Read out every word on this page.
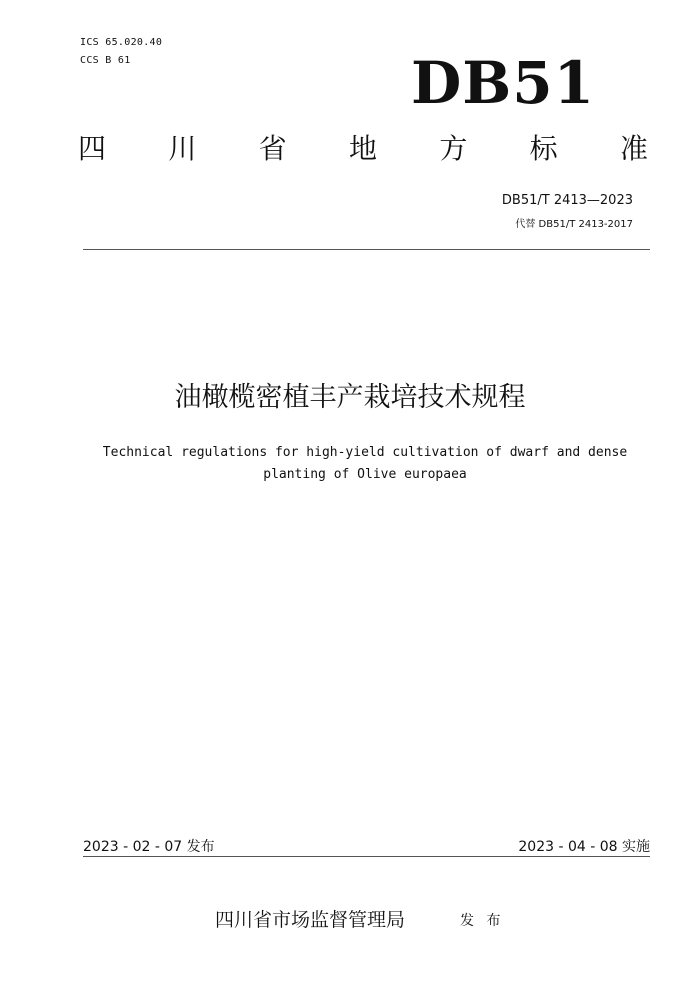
ICS 65.020.40
CCS B 61	DB51
四 川 省 地 方 标 准
DB51/T 2413—2023
代替 DB51/T 2413-2017
油橄榄密植丰产栽培技术规程
Technical regulations for high-yield cultivation of dwarf and dense planting of Olive europaea
2023 - 02 - 07 发布	2023 - 04 - 08 实施
四川省市场监督管理局	发 布
